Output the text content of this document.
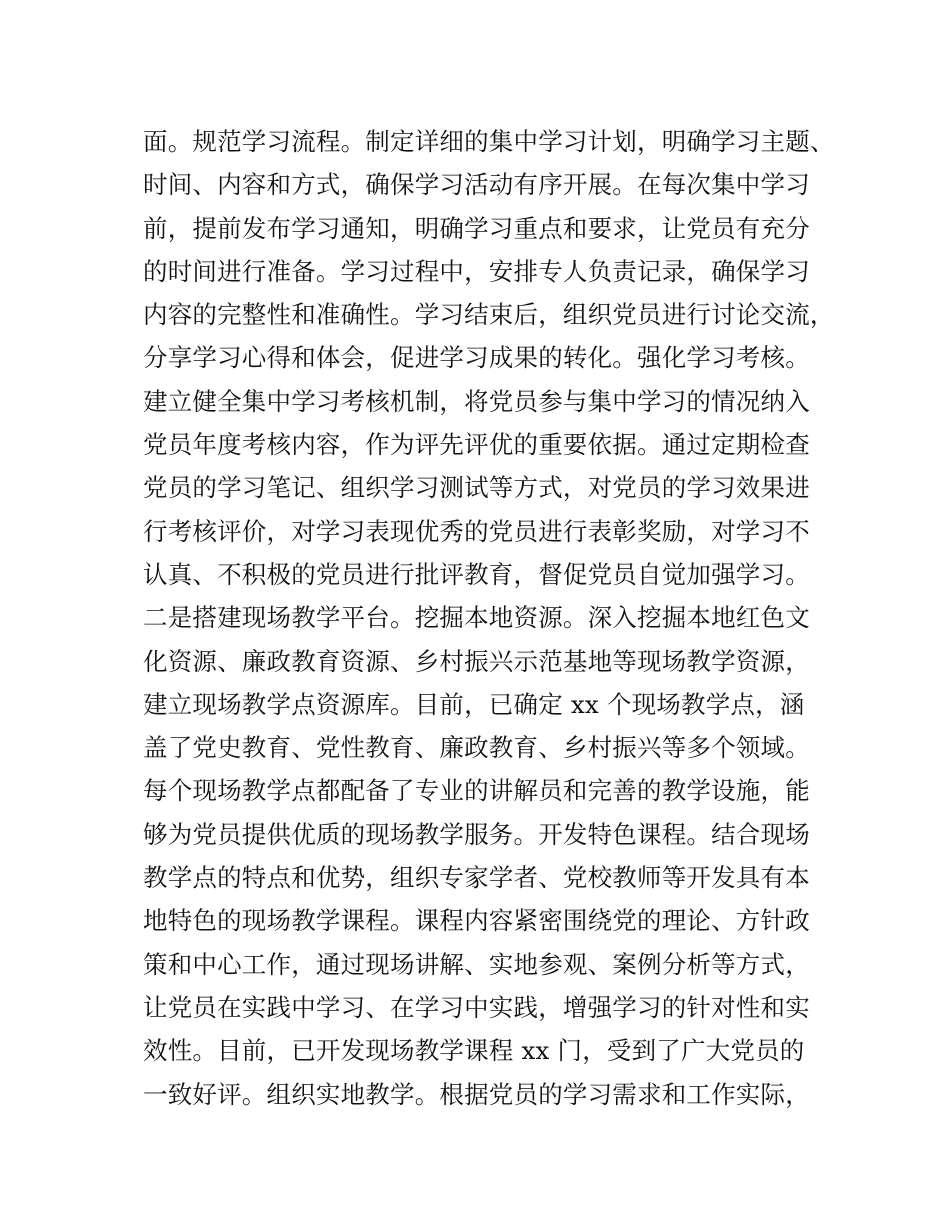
面。规范学习流程。制定详细的集中学习计划，明确学习主题、
时间、内容和方式，确保学习活动有序开展。在每次集中学习
前，提前发布学习通知，明确学习重点和要求，让党员有充分
的时间进行准备。学习过程中，安排专人负责记录，确保学习
内容的完整性和准确性。学习结束后，组织党员进行讨论交流，
分享学习心得和体会，促进学习成果的转化。强化学习考核。
建立健全集中学习考核机制，将党员参与集中学习的情况纳入
党员年度考核内容，作为评先评优的重要依据。通过定期检查
党员的学习笔记、组织学习测试等方式，对党员的学习效果进
行考核评价，对学习表现优秀的党员进行表彰奖励，对学习不
认真、不积极的党员进行批评教育，督促党员自觉加强学习。
二是搭建现场教学平台。挖掘本地资源。深入挖掘本地红色文
化资源、廉政教育资源、乡村振兴示范基地等现场教学资源，
建立现场教学点资源库。目前，已确定 xx 个现场教学点，涵
盖了党史教育、党性教育、廉政教育、乡村振兴等多个领域。
每个现场教学点都配备了专业的讲解员和完善的教学设施，能
够为党员提供优质的现场教学服务。开发特色课程。结合现场
教学点的特点和优势，组织专家学者、党校教师等开发具有本
地特色的现场教学课程。课程内容紧密围绕党的理论、方针政
策和中心工作，通过现场讲解、实地参观、案例分析等方式，
让党员在实践中学习、在学习中实践，增强学习的针对性和实
效性。目前，已开发现场教学课程 xx 门，受到了广大党员的
一致好评。组织实地教学。根据党员的学习需求和工作实际，
